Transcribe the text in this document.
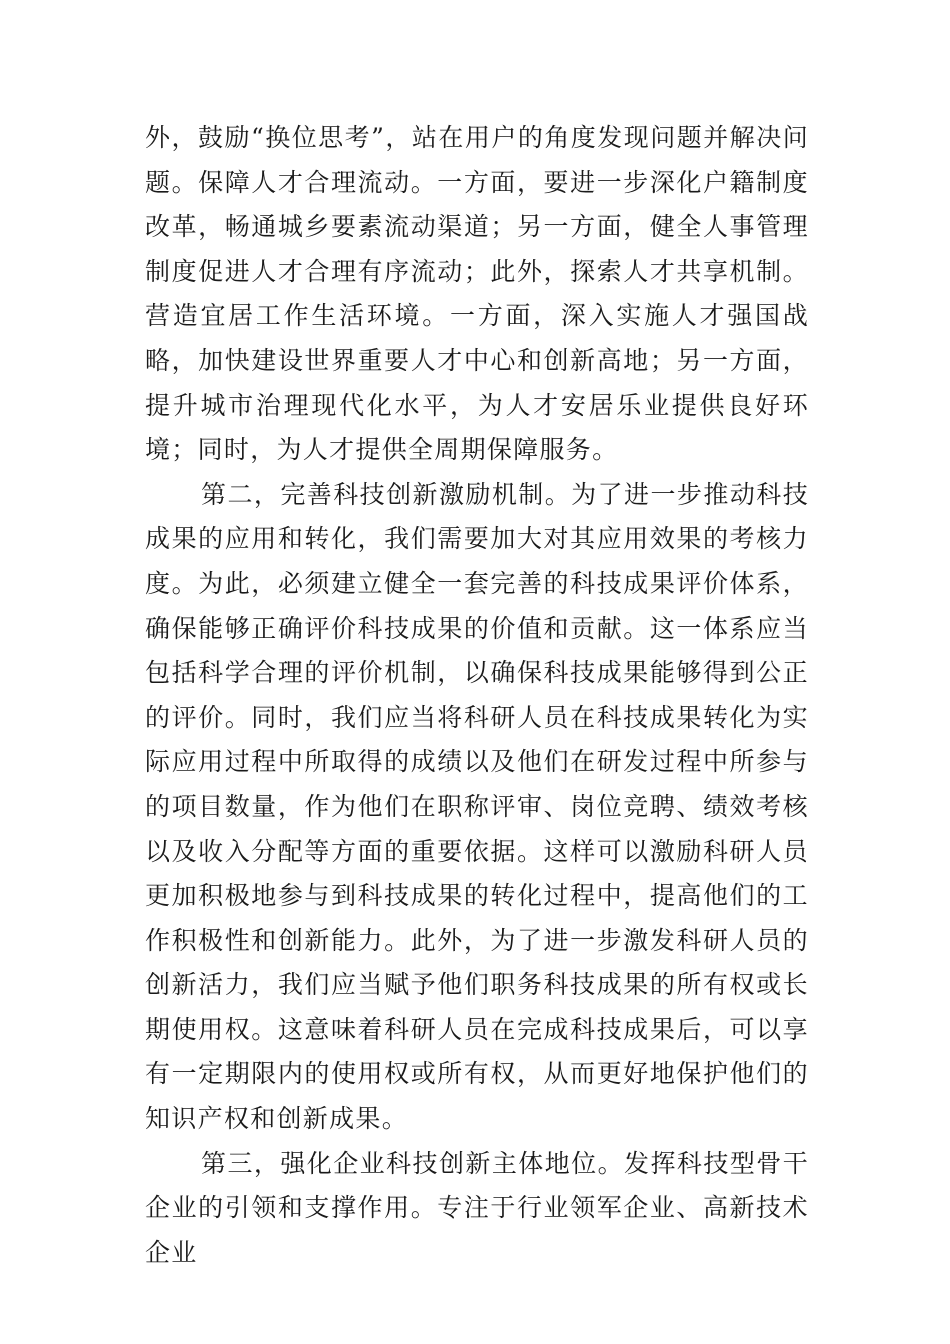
外，鼓励“换位思考”，站在用户的角度发现问题并解决问题。保障人才合理流动。一方面，要进一步深化户籍制度改革，畅通城乡要素流动渠道；另一方面，健全人事管理制度促进人才合理有序流动；此外，探索人才共享机制。营造宜居工作生活环境。一方面，深入实施人才强国战略，加快建设世界重要人才中心和创新高地；另一方面，提升城市治理现代化水平，为人才安居乐业提供良好环境；同时，为人才提供全周期保障服务。

第二，完善科技创新激励机制。为了进一步推动科技成果的应用和转化，我们需要加大对其应用效果的考核力度。为此，必须建立健全一套完善的科技成果评价体系，确保能够正确评价科技成果的价值和贡献。这一体系应当包括科学合理的评价机制，以确保科技成果能够得到公正的评价。同时，我们应当将科研人员在科技成果转化为实际应用过程中所取得的成绩以及他们在研发过程中所参与的项目数量，作为他们在职称评审、岗位竞聘、绩效考核以及收入分配等方面的重要依据。这样可以激励科研人员更加积极地参与到科技成果的转化过程中，提高他们的工作积极性和创新能力。此外，为了进一步激发科研人员的创新活力，我们应当赋予他们职务科技成果的所有权或长期使用权。这意味着科研人员在完成科技成果后，可以享有一定期限内的使用权或所有权，从而更好地保护他们的知识产权和创新成果。

第三，强化企业科技创新主体地位。发挥科技型骨干企业的引领和支撑作用。专注于行业领军企业、高新技术企业
